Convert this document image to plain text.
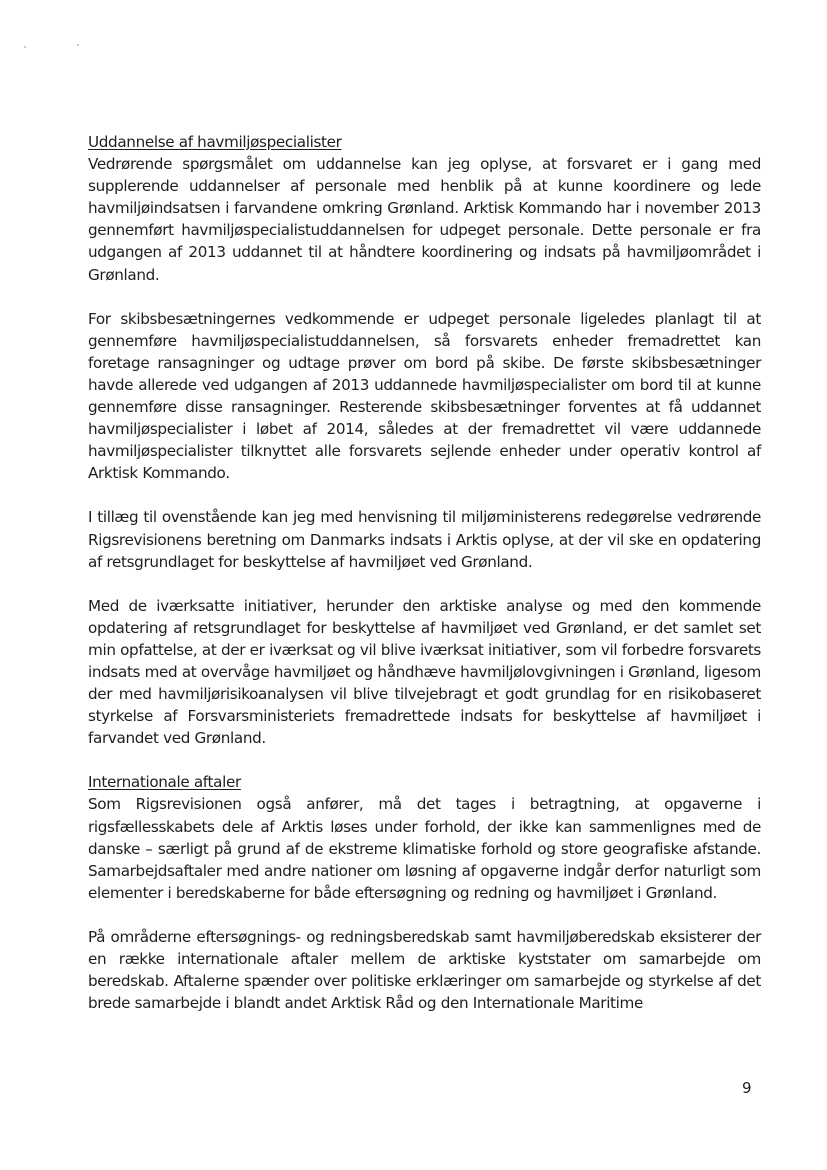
Uddannelse af havmiljøspecialister

Vedrørende spørgsmålet om uddannelse kan jeg oplyse, at forsvaret er i gang med supplerende uddannelser af personale med henblik på at kunne koordinere og lede havmiljøindsatsen i farvandene omkring Grønland. Arktisk Kommando har i november 2013 gennemført havmiljøspecialistuddannelsen for udpeget personale. Dette personale er fra udgangen af 2013 uddannet til at håndtere koordinering og indsats på havmiljøområdet i Grønland.

For skibsbesætningernes vedkommende er udpeget personale ligeledes planlagt til at gennemføre havmiljøspecialistuddannelsen, så forsvarets enheder fremadrettet kan foretage ransagninger og udtage prøver om bord på skibe. De første skibsbesætninger havde allerede ved udgangen af 2013 uddannede havmiljøspecialister om bord til at kunne gennemføre disse ransagninger. Resterende skibsbesætninger forventes at få uddannet havmiljøspecialister i løbet af 2014, således at der fremadrettet vil være uddannede havmiljøspecialister tilknyttet alle forsvarets sejlende enheder under operativ kontrol af Arktisk Kommando.

I tillæg til ovenstående kan jeg med henvisning til miljøministerens redegørelse vedrørende Rigsrevisionens beretning om Danmarks indsats i Arktis oplyse, at der vil ske en opdatering af retsgrundlaget for beskyttelse af havmiljøet ved Grønland.

Med de iværksatte initiativer, herunder den arktiske analyse og med den kommende opdatering af retsgrundlaget for beskyttelse af havmiljøet ved Grønland, er det samlet set min opfattelse, at der er iværksat og vil blive iværksat initiativer, som vil forbedre forsvarets indsats med at overvåge havmiljøet og håndhæve havmiljølovgivningen i Grønland, ligesom der med havmiljørisikoanalysen vil blive tilvejebragt et godt grundlag for en risikobaseret styrkelse af Forsvarsministeriets fremadrettede indsats for beskyttelse af havmiljøet i farvandet ved Grønland.

Internationale aftaler

Som Rigsrevisionen også anfører, må det tages i betragtning, at opgaverne i rigsfællesskabets dele af Arktis løses under forhold, der ikke kan sammenlignes med de danske – særligt på grund af de ekstreme klimatiske forhold og store geografiske afstande. Samarbejdsaftaler med andre nationer om løsning af opgaverne indgår derfor naturligt som elementer i beredskaberne for både eftersøgning og redning og havmiljøet i Grønland.

På områderne eftersøgnings- og redningsberedskab samt havmiljøberedskab eksisterer der en række internationale aftaler mellem de arktiske kyststater om samarbejde om beredskab. Aftalerne spænder over politiske erklæringer om samarbejde og styrkelse af det brede samarbejde i blandt andet Arktisk Råd og den Internationale Maritime

9
